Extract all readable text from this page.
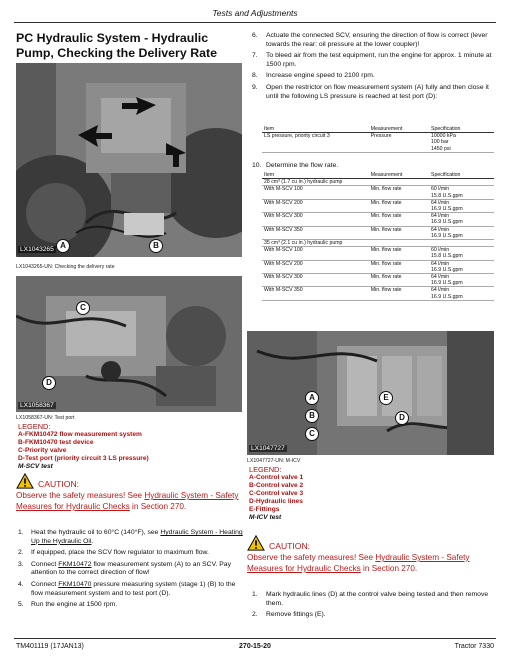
Tests and Adjustments
PC Hydraulic System - Hydraulic Pump, Checking the Delivery Rate
A	B
LX1043265
LX1043265-UN: Checking the delivery rate
C
D
LX1058367
LX1058367-UN: Test port
LEGEND:
A-FKM10472 flow measurement system
B-FKM10470 test device
C-Priority valve
D-Test port (priority circuit 3 LS pressure)
M-SCV test
CAUTION:
Observe the safety measures! See Hydraulic System - Safety Measures for Hydraulic Checks in Section 270.
1. Heat the hydraulic oil to 60°C (140°F), see Hydraulic System - Heating Up the Hydraulic Oil.
2. If equipped, place the SCV flow regulator to maximum flow.
3. Connect FKM10472 flow measurement system (A) to an SCV. Pay attention to the correct direction of flow!
4. Connect FKM10470 pressure measuring system (stage 1) (B) to the flow measurement system and to test port (D).
5. Run the engine at 1500 rpm.
6. Actuate the connected SCV, ensuring the direction of flow is correct (lever towards the rear: oil pressure at the lower coupler)!
7. To bleed air from the test equipment, run the engine for approx. 1 minute at 1500 rpm.
8. Increase engine speed to 2100 rpm.
9. Open the restrictor on flow measurement system (A) fully and then close it until the following LS pressure is reached at test port (D):
Item	Measurement	Specification
LS pressure, priority circuit 3	Pressure	10000 kPa
100 bar
1450 psi
10. Determine the flow rate.
Item	Measurement	Specification
28 cm³ (1.7 cu in.) hydraulic pump		
With M-SCV 100	Min. flow rate	60 l/min
15.8 U.S.gpm
With M-SCV 200	Min. flow rate	64 l/min
16.9 U.S.gpm
With M-SCV 300	Min. flow rate	64 l/min
16.9 U.S.gpm
With M-SCV 350	Min. flow rate	64 l/min
16.9 U.S.gpm
35 cm³ (2.1 cu in.) hydraulic pump		
With M-SCV 100	Min. flow rate	60 l/min
15.8 U.S.gpm
With M-SCV 200	Min. flow rate	64 l/min
16.9 U.S.gpm
With M-SCV 300	Min. flow rate	64 l/min
16.9 U.S.gpm
With M-SCV 350	Min. flow rate	64 l/min
16.9 U.S.gpm
A
B
C
D
E
LX1047727
LX1047727-UN: M-ICV
LEGEND:
A-Control valve 1
B-Control valve 2
C-Control valve 3
D-Hydraulic lines
E-Fittings
M-ICV test
CAUTION:
Observe the safety measures! See Hydraulic System - Safety Measures for Hydraulic Checks in Section 270.
1. Mark hydraulic lines (D) at the control valve being tested and then remove them.
2. Remove fittings (E).
TM401119 (17JAN13)	270-15-20	Tractor 7330
